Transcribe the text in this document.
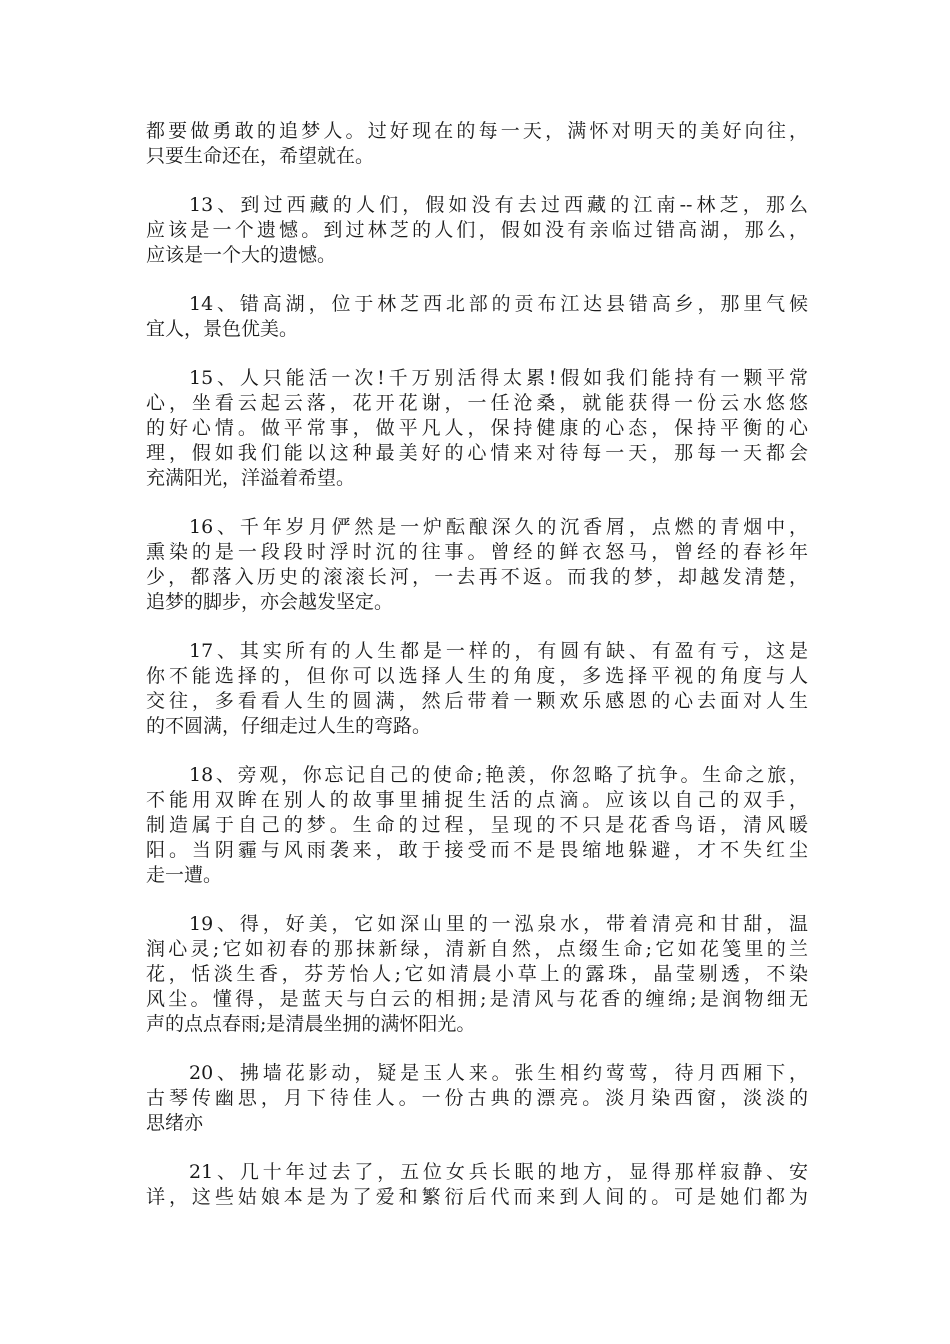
都要做勇敢的追梦人。过好现在的每一天，满怀对明天的美好向往，
只要生命还在，希望就在。
13、到过西藏的人们，假如没有去过西藏的江南--林芝，那么
应该是一个遗憾。到过林芝的人们，假如没有亲临过错高湖，那么，
应该是一个大的遗憾。
14、错高湖，位于林芝西北部的贡布江达县错高乡，那里气候
宜人，景色优美。
15、人只能活一次!千万别活得太累!假如我们能持有一颗平常
心，坐看云起云落，花开花谢，一任沧桑，就能获得一份云水悠悠
的好心情。做平常事，做平凡人，保持健康的心态，保持平衡的心
理，假如我们能以这种最美好的心情来对待每一天，那每一天都会
充满阳光，洋溢着希望。
16、千年岁月俨然是一炉酝酿深久的沉香屑，点燃的青烟中，
熏染的是一段段时浮时沉的往事。曾经的鲜衣怒马，曾经的春衫年
少，都落入历史的滚滚长河，一去再不返。而我的梦，却越发清楚，
追梦的脚步，亦会越发坚定。
17、其实所有的人生都是一样的，有圆有缺、有盈有亏，这是
你不能选择的，但你可以选择人生的角度，多选择平视的角度与人
交往，多看看人生的圆满，然后带着一颗欢乐感恩的心去面对人生
的不圆满，仔细走过人生的弯路。
18、旁观，你忘记自己的使命;艳羡，你忽略了抗争。生命之旅，
不能用双眸在别人的故事里捕捉生活的点滴。应该以自己的双手，
制造属于自己的梦。生命的过程，呈现的不只是花香鸟语，清风暖
阳。当阴霾与风雨袭来，敢于接受而不是畏缩地躲避，才不失红尘
走一遭。
19、得，好美，它如深山里的一泓泉水，带着清亮和甘甜，温
润心灵;它如初春的那抹新绿，清新自然，点缀生命;它如花笺里的兰
花，恬淡生香，芬芳怡人;它如清晨小草上的露珠，晶莹剔透，不染
风尘。懂得，是蓝天与白云的相拥;是清风与花香的缠绵;是润物细无
声的点点春雨;是清晨坐拥的满怀阳光。
20、拂墙花影动，疑是玉人来。张生相约莺莺，待月西厢下，
古琴传幽思，月下待佳人。一份古典的漂亮。淡月染西窗，淡淡的
思绪亦
21、几十年过去了，五位女兵长眠的地方，显得那样寂静、安
详，这些姑娘本是为了爱和繁衍后代而来到人间的。可是她们都为
